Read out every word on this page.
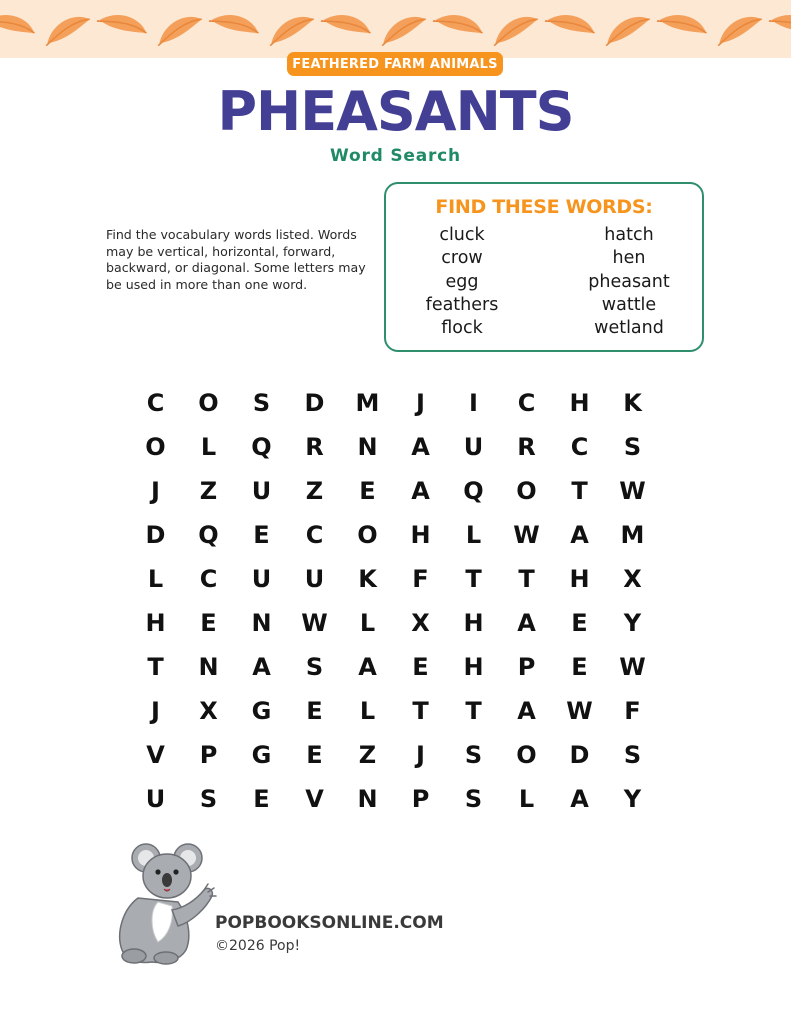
FEATHERED FARM ANIMALS
PHEASANTS
Word Search
Find the vocabulary words listed. Words may be vertical, horizontal, forward, backward, or diagonal. Some letters may be used in more than one word.
FIND THESE WORDS:
cluck
crow
egg
feathers
flock
hatch
hen
pheasant
wattle
wetland
C	O	S	D	M	J	I	C	H	K
O	L	Q	R	N	A	U	R	C	S
J	Z	U	Z	E	A	Q	O	T	W
D	Q	E	C	O	H	L	W	A	M
L	C	U	U	K	F	T	T	H	X
H	E	N	W	L	X	H	A	E	Y
T	N	A	S	A	E	H	P	E	W
J	X	G	E	L	T	T	A	W	F
V	P	G	E	Z	J	S	O	D	S
U	S	E	V	N	P	S	L	A	Y
POPBOOKSONLINE.COM
©2026 Pop!
